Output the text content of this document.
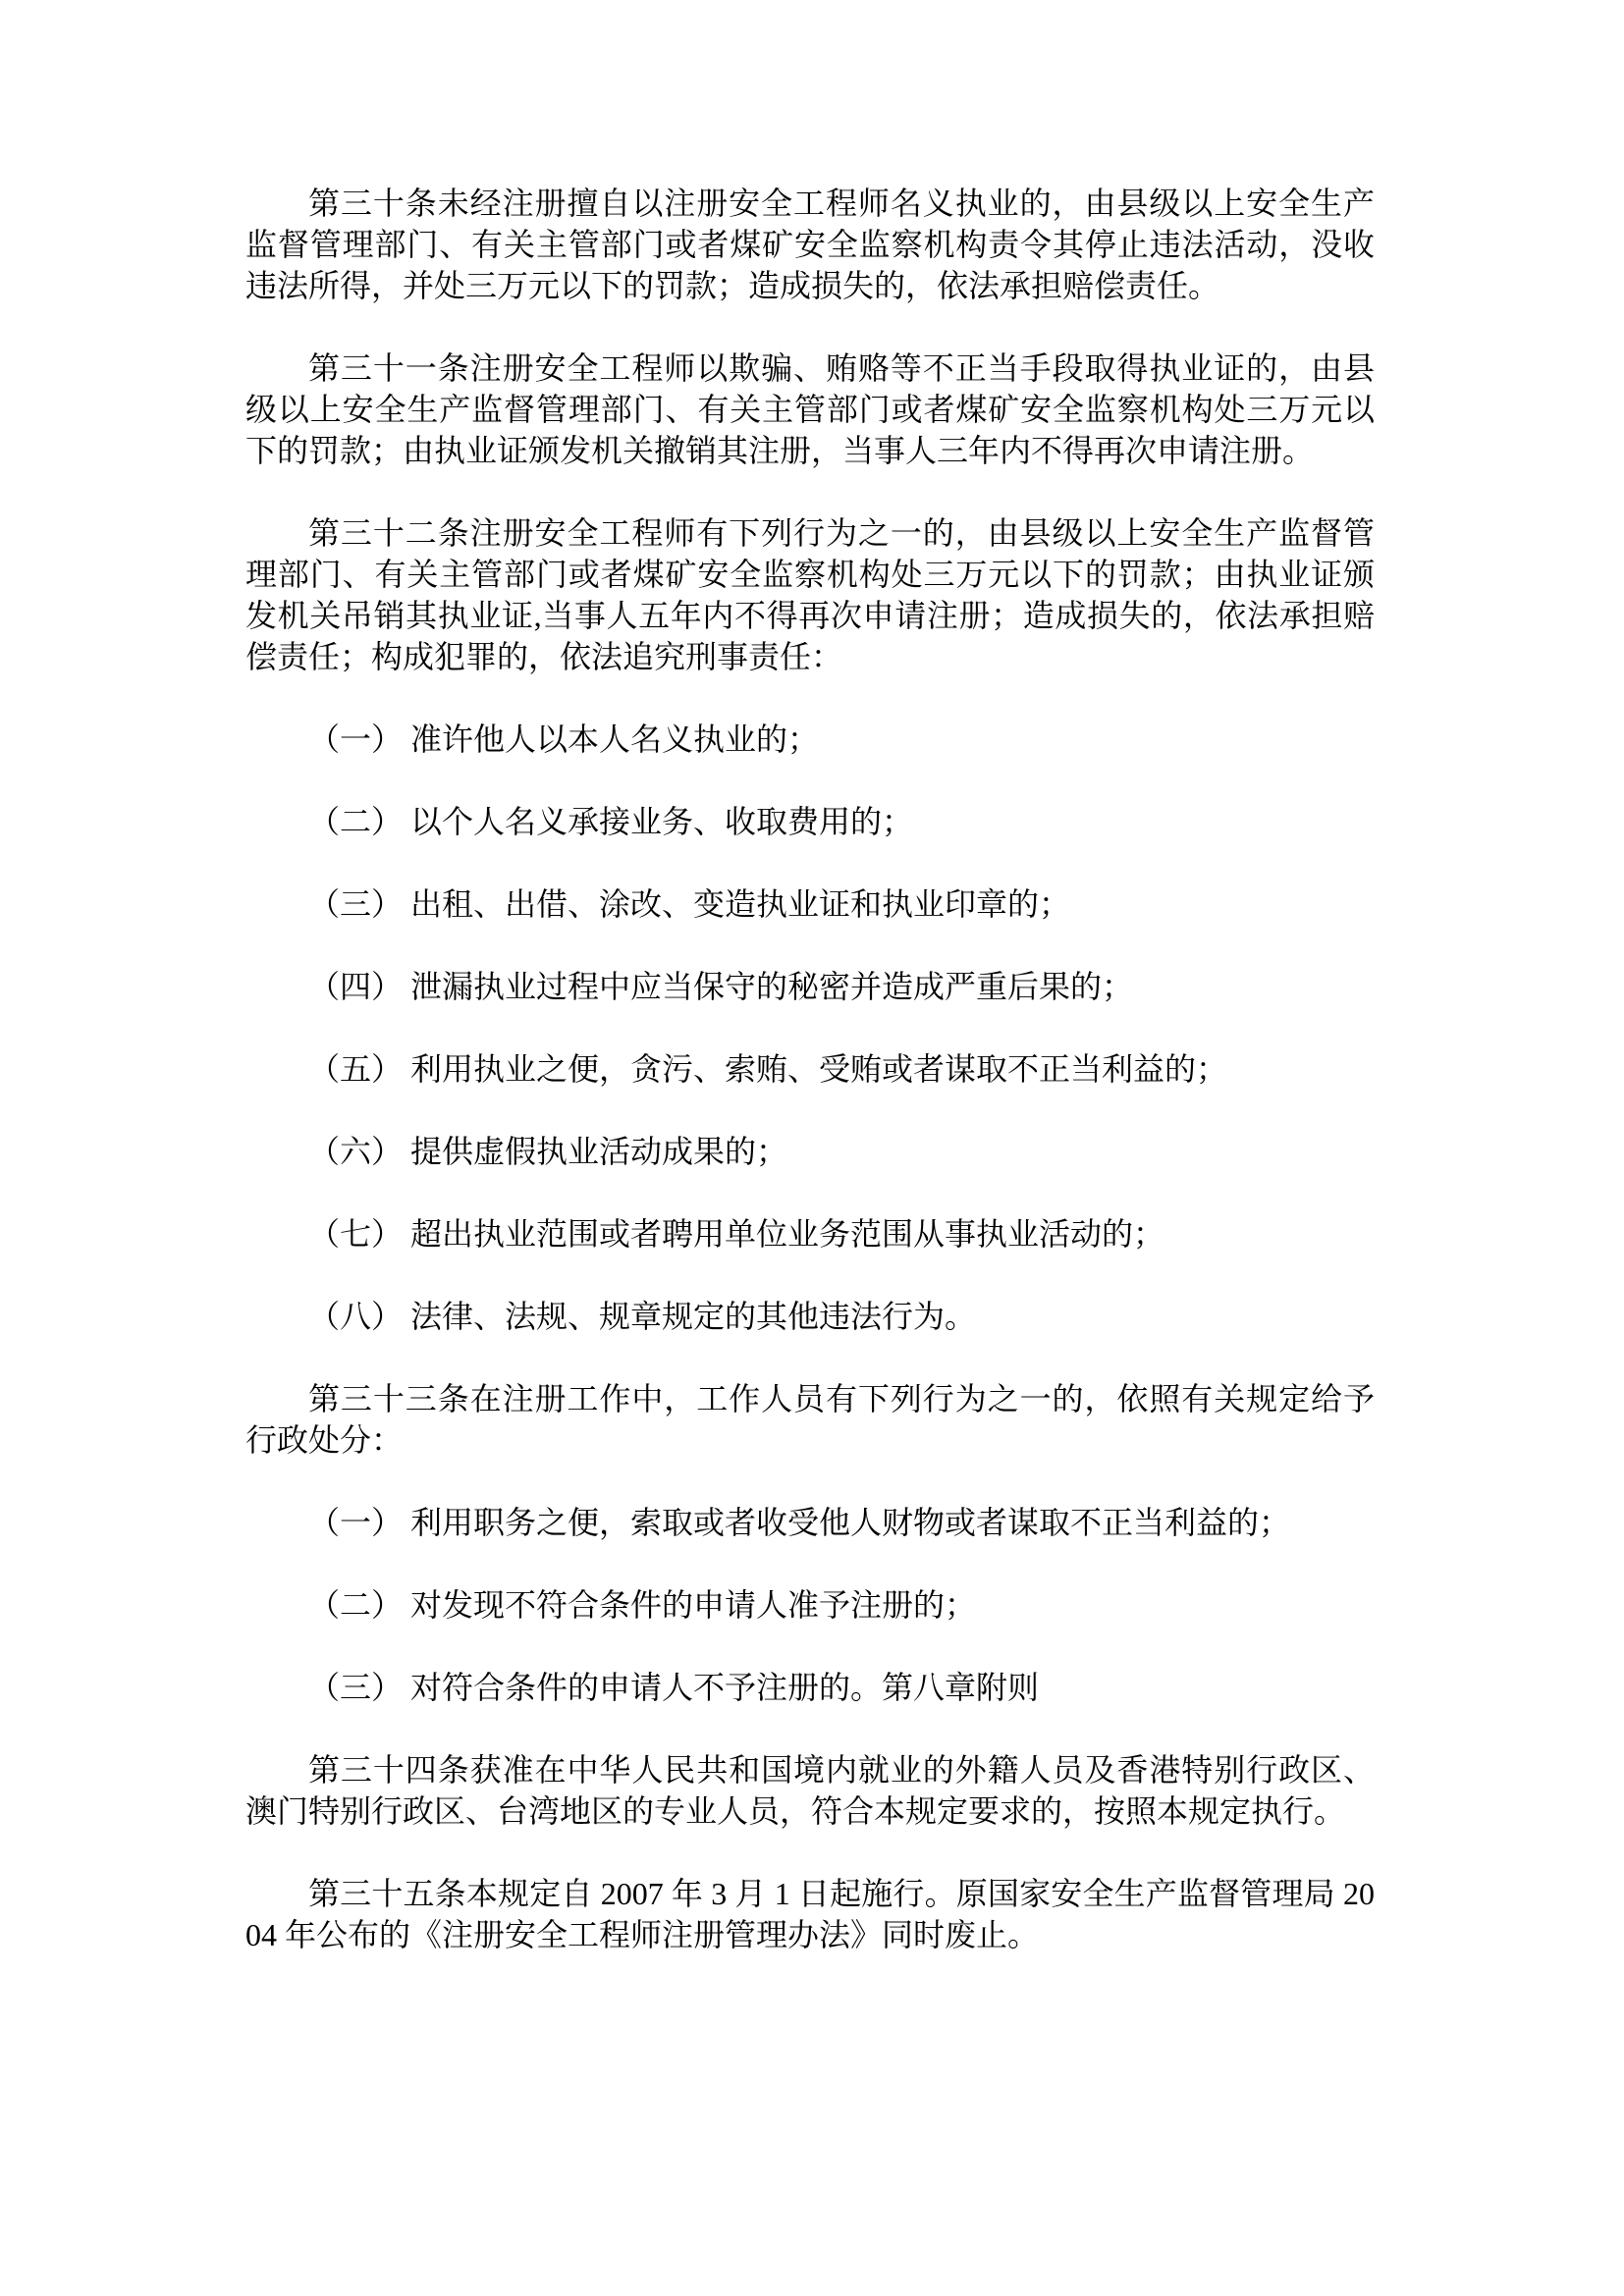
第三十条未经注册擅自以注册安全工程师名义执业的，由县级以上安全生产监督管理部门、有关主管部门或者煤矿安全监察机构责令其停止违法活动，没收违法所得，并处三万元以下的罚款；造成损失的，依法承担赔偿责任。

第三十一条注册安全工程师以欺骗、贿赂等不正当手段取得执业证的，由县级以上安全生产监督管理部门、有关主管部门或者煤矿安全监察机构处三万元以下的罚款；由执业证颁发机关撤销其注册，当事人三年内不得再次申请注册。

第三十二条注册安全工程师有下列行为之一的，由县级以上安全生产监督管理部门、有关主管部门或者煤矿安全监察机构处三万元以下的罚款；由执业证颁发机关吊销其执业证,当事人五年内不得再次申请注册；造成损失的，依法承担赔偿责任；构成犯罪的，依法追究刑事责任：

（一） 准许他人以本人名义执业的；

（二） 以个人名义承接业务、收取费用的；

（三） 出租、出借、涂改、变造执业证和执业印章的；

（四） 泄漏执业过程中应当保守的秘密并造成严重后果的；

（五） 利用执业之便，贪污、索贿、受贿或者谋取不正当利益的；

（六） 提供虚假执业活动成果的；

（七） 超出执业范围或者聘用单位业务范围从事执业活动的；

（八） 法律、法规、规章规定的其他违法行为。

第三十三条在注册工作中，工作人员有下列行为之一的，依照有关规定给予行政处分：

（一） 利用职务之便，索取或者收受他人财物或者谋取不正当利益的；

（二） 对发现不符合条件的申请人准予注册的；

（三） 对符合条件的申请人不予注册的。第八章附则

第三十四条获准在中华人民共和国境内就业的外籍人员及香港特别行政区、澳门特别行政区、台湾地区的专业人员，符合本规定要求的，按照本规定执行。

第三十五条本规定自 2007 年 3 月 1 日起施行。原国家安全生产监督管理局 2004 年公布的《注册安全工程师注册管理办法》同时废止。
